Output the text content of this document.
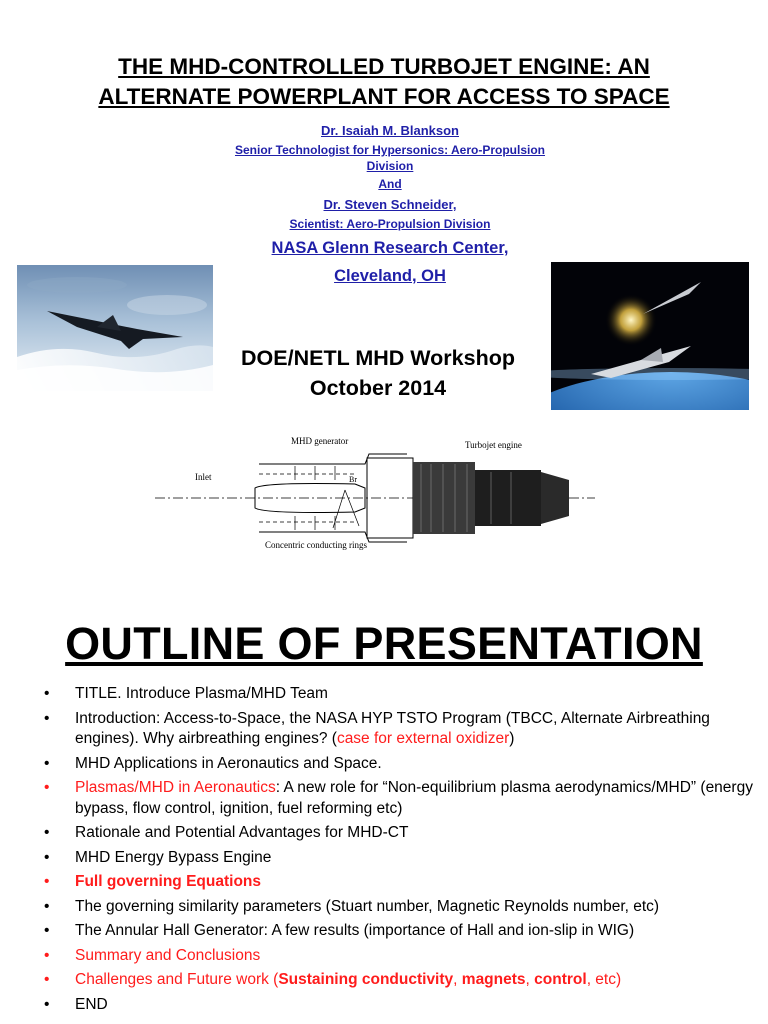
THE MHD-CONTROLLED TURBOJET ENGINE: AN
ALTERNATE POWERPLANT FOR ACCESS TO SPACE
Dr. Isaiah M. Blankson
Senior Technologist for Hypersonics: Aero-Propulsion
Division
And
Dr. Steven Schneider,
Scientist: Aero-Propulsion Division
NASA Glenn Research Center,
Cleveland, OH
DOE/NETL MHD Workshop
October 2014
MHD generator	Turbojet engine
Inlet	Br
Concentric conducting rings
OUTLINE OF PRESENTATION
• TITLE. Introduce Plasma/MHD Team
• Introduction: Access-to-Space, the NASA HYP TSTO Program (TBCC, Alternate Airbreathing engines). Why airbreathing engines? (case for external oxidizer)
• MHD Applications in Aeronautics and Space.
• Plasmas/MHD in Aeronautics: A new role for “Non-equilibrium plasma aerodynamics/MHD” (energy bypass, flow control, ignition, fuel reforming etc)
• Rationale and Potential Advantages for MHD-CT
• MHD Energy Bypass Engine
• Full governing Equations
• The governing similarity parameters (Stuart number, Magnetic Reynolds number, etc)
• The Annular Hall Generator: A few results (importance of Hall and ion-slip in WIG)
• Summary and Conclusions
• Challenges and Future work (Sustaining conductivity, magnets, control, etc)
• END
